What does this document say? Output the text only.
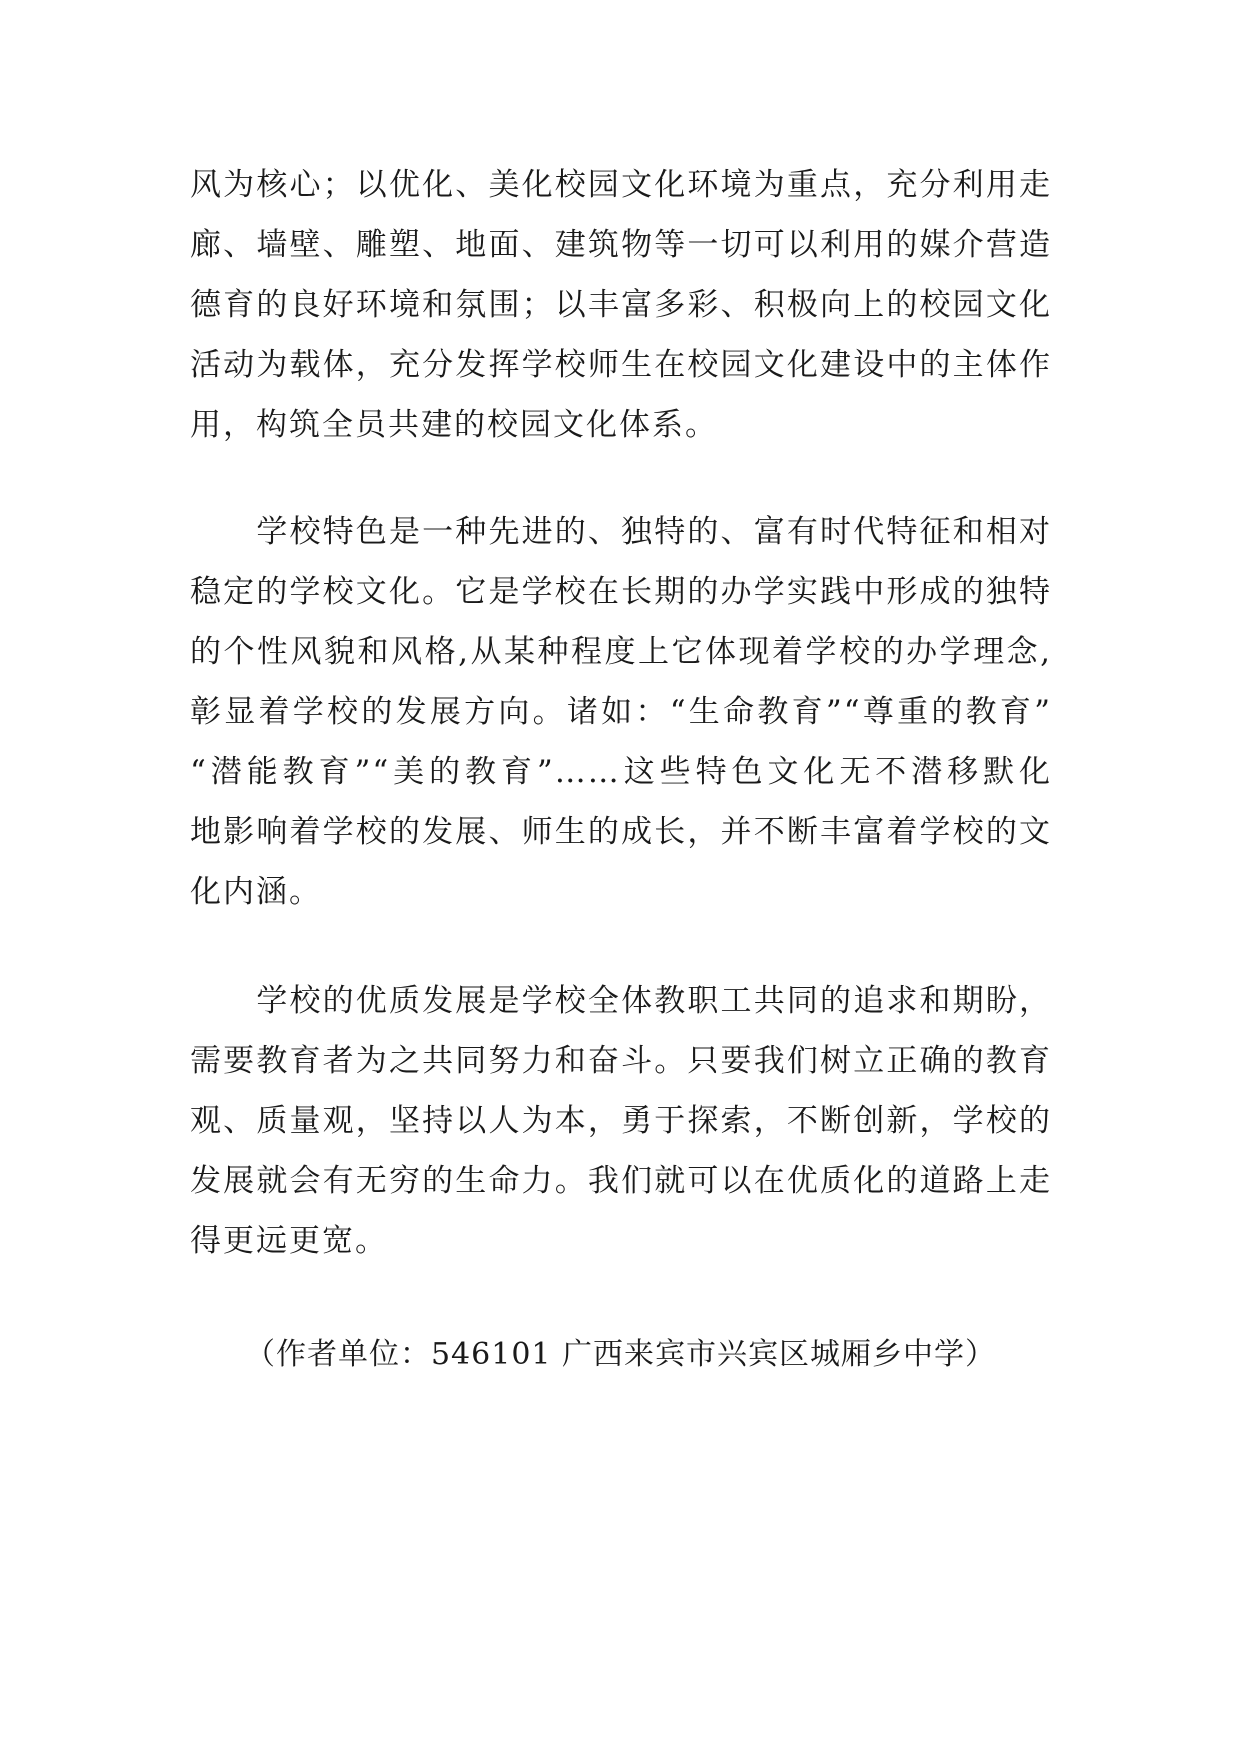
风为核心；以优化、美化校园文化环境为重点，充分利用走
廊、墙壁、雕塑、地面、建筑物等一切可以利用的媒介营造
德育的良好环境和氛围；以丰富多彩、积极向上的校园文化
活动为载体，充分发挥学校师生在校园文化建设中的主体作
用，构筑全员共建的校园文化体系。
　　学校特色是一种先进的、独特的、富有时代特征和相对
稳定的学校文化。它是学校在长期的办学实践中形成的独特
的个性风貌和风格,从某种程度上它体现着学校的办学理念,
彰显着学校的发展方向。诸如：“生命教育”“尊重的教育”
“潜能教育”“美的教育”……这些特色文化无不潜移默化
地影响着学校的发展、师生的成长，并不断丰富着学校的文
化内涵。
　　学校的优质发展是学校全体教职工共同的追求和期盼，
需要教育者为之共同努力和奋斗。只要我们树立正确的教育
观、质量观，坚持以人为本，勇于探索，不断创新，学校的
发展就会有无穷的生命力。我们就可以在优质化的道路上走
得更远更宽。
（作者单位：546101 广西来宾市兴宾区城厢乡中学）
